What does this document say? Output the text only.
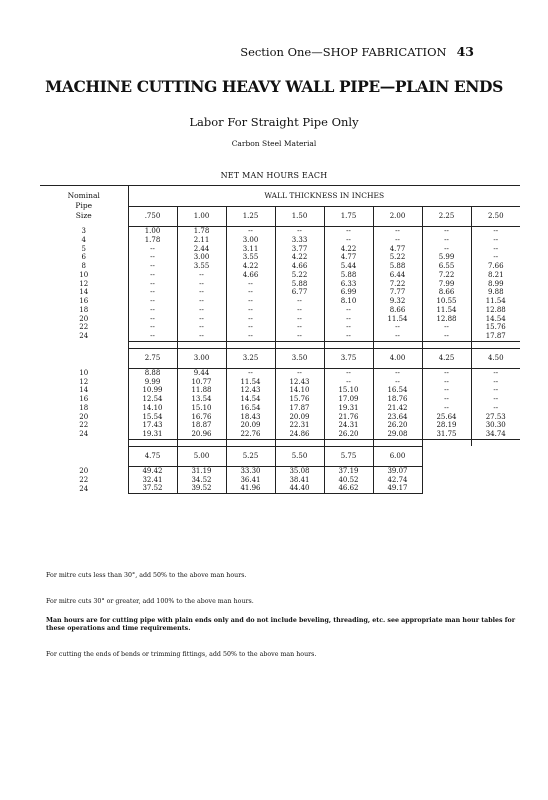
Section One—SHOP FABRICATION 43
MACHINE CUTTING HEAVY WALL PIPE—PLAIN ENDS
Labor For Straight Pipe Only
Carbon Steel Material
NET MAN HOURS EACH
Nominal
Pipe
Size	WALL THICKNESS IN INCHES							
	.750	1.00	1.25	1.50	1.75	2.00	2.25	2.50
3	1.00	1.78	--	--	--	--	--	--
4	1.78	2.11	3.00	3.33	--	--	--	--
5	--	2.44	3.11	3.77	4.22	4.77	--	--
6	--	3.00	3.55	4.22	4.77	5.22	5.99	--
8	--	3.55	4.22	4.66	5.44	5.88	6.55	7.66
10	--	--	4.66	5.22	5.88	6.44	7.22	8.21
12	--	--	--	5.88	6.33	7.22	7.99	8.99
14	--	--	--	6.77	6.99	7.77	8.66	9.88
16	--	--	--	--	8.10	9.32	10.55	11.54
18	--	--	--	--	--	8.66	11.54	12.88
20	--	--	--	--	--	11.54	12.88	14.54
22	--	--	--	--	--	--	--	15.76
24	--	--	--	--	--	--	--	17.87

	2.75	3.00	3.25	3.50	3.75	4.00	4.25	4.50
10	8.88	9.44	--	--	--	--	--	--
12	9.99	10.77	11.54	12.43	--	--	--	--
14	10.99	11.88	12.43	14.10	15.10	16.54	--	--
16	12.54	13.54	14.54	15.76	17.09	18.76	--	--
18	14.10	15.10	16.54	17.87	19.31	21.42	--	--
20	15.54	16.76	18.43	20.09	21.76	23.64	25.64	27.53
22	17.43	18.87	20.09	22.31	24.31	26.20	28.19	30.30
24	19.31	20.96	22.76	24.86	26.20	29.08	31.75	34.74

	4.75	5.00	5.25	5.50	5.75	6.00		
20	49.42	31.19	33.30	35.08	37.19	39.07		
22	32.41	34.52	36.41	38.41	40.52	42.74		
24	37.52	39.52	41.96	44.40	46.62	49.17		

For mitre cuts less than 30°, add 50% to the above man hours.

For mitre cuts 30° or greater, add 100% to the above man hours.

Man hours are for cutting pipe with plain ends only and do not include beveling, threading, etc. see appropriate man hour tables for these operations and time requirements.

For cutting the ends of bends or trimming fittings, add 50% to the above man hours.
